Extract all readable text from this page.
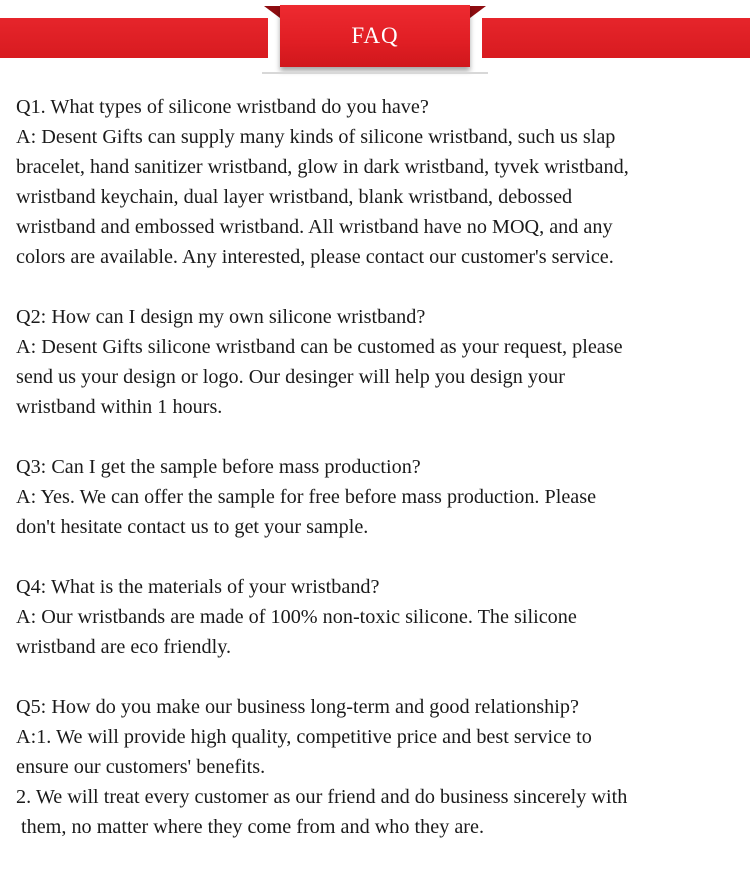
FAQ

Q1. What types of silicone wristband do you have?

A: Desent Gifts can supply many kinds of silicone wristband, such us slap

bracelet, hand sanitizer wristband, glow in dark wristband, tyvek wristband,

wristband keychain, dual layer wristband, blank wristband, debossed

wristband and embossed wristband. All wristband have no MOQ, and any

colors are available. Any interested, please contact our customer's service.

Q2: How can I design my own silicone wristband?

A: Desent Gifts silicone wristband can be customed as your request, please

send us your design or logo. Our desinger will help you design your

wristband within 1 hours.

Q3: Can I get the sample before mass production?

A: Yes. We can offer the sample for free before mass production. Please

don't hesitate contact us to get your sample.

Q4: What is the materials of your wristband?

A: Our wristbands are made of 100% non-toxic silicone. The silicone

wristband are eco friendly.

Q5: How do you make our business long-term and good relationship?

A:1. We will provide high quality, competitive price and best service to

ensure our customers' benefits.

2. We will treat every customer as our friend and do business sincerely with

them, no matter where they come from and who they are.
